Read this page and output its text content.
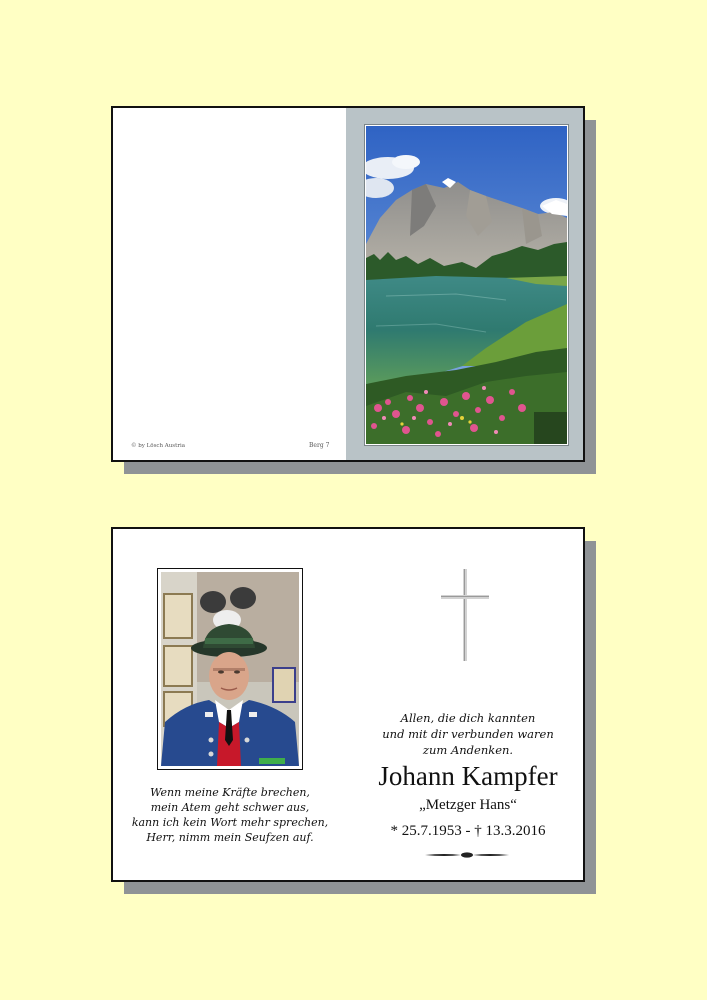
© by Lösch Austria	Berg 7
Wenn meine Kräfte brechen,
mein Atem geht schwer aus,
kann ich kein Wort mehr sprechen,
Herr, nimm mein Seufzen auf.
Allen, die dich kannten
und mit dir verbunden waren
zum Andenken.
Johann Kampfer
„Metzger Hans“
* 25.7.1953 - † 13.3.2016
